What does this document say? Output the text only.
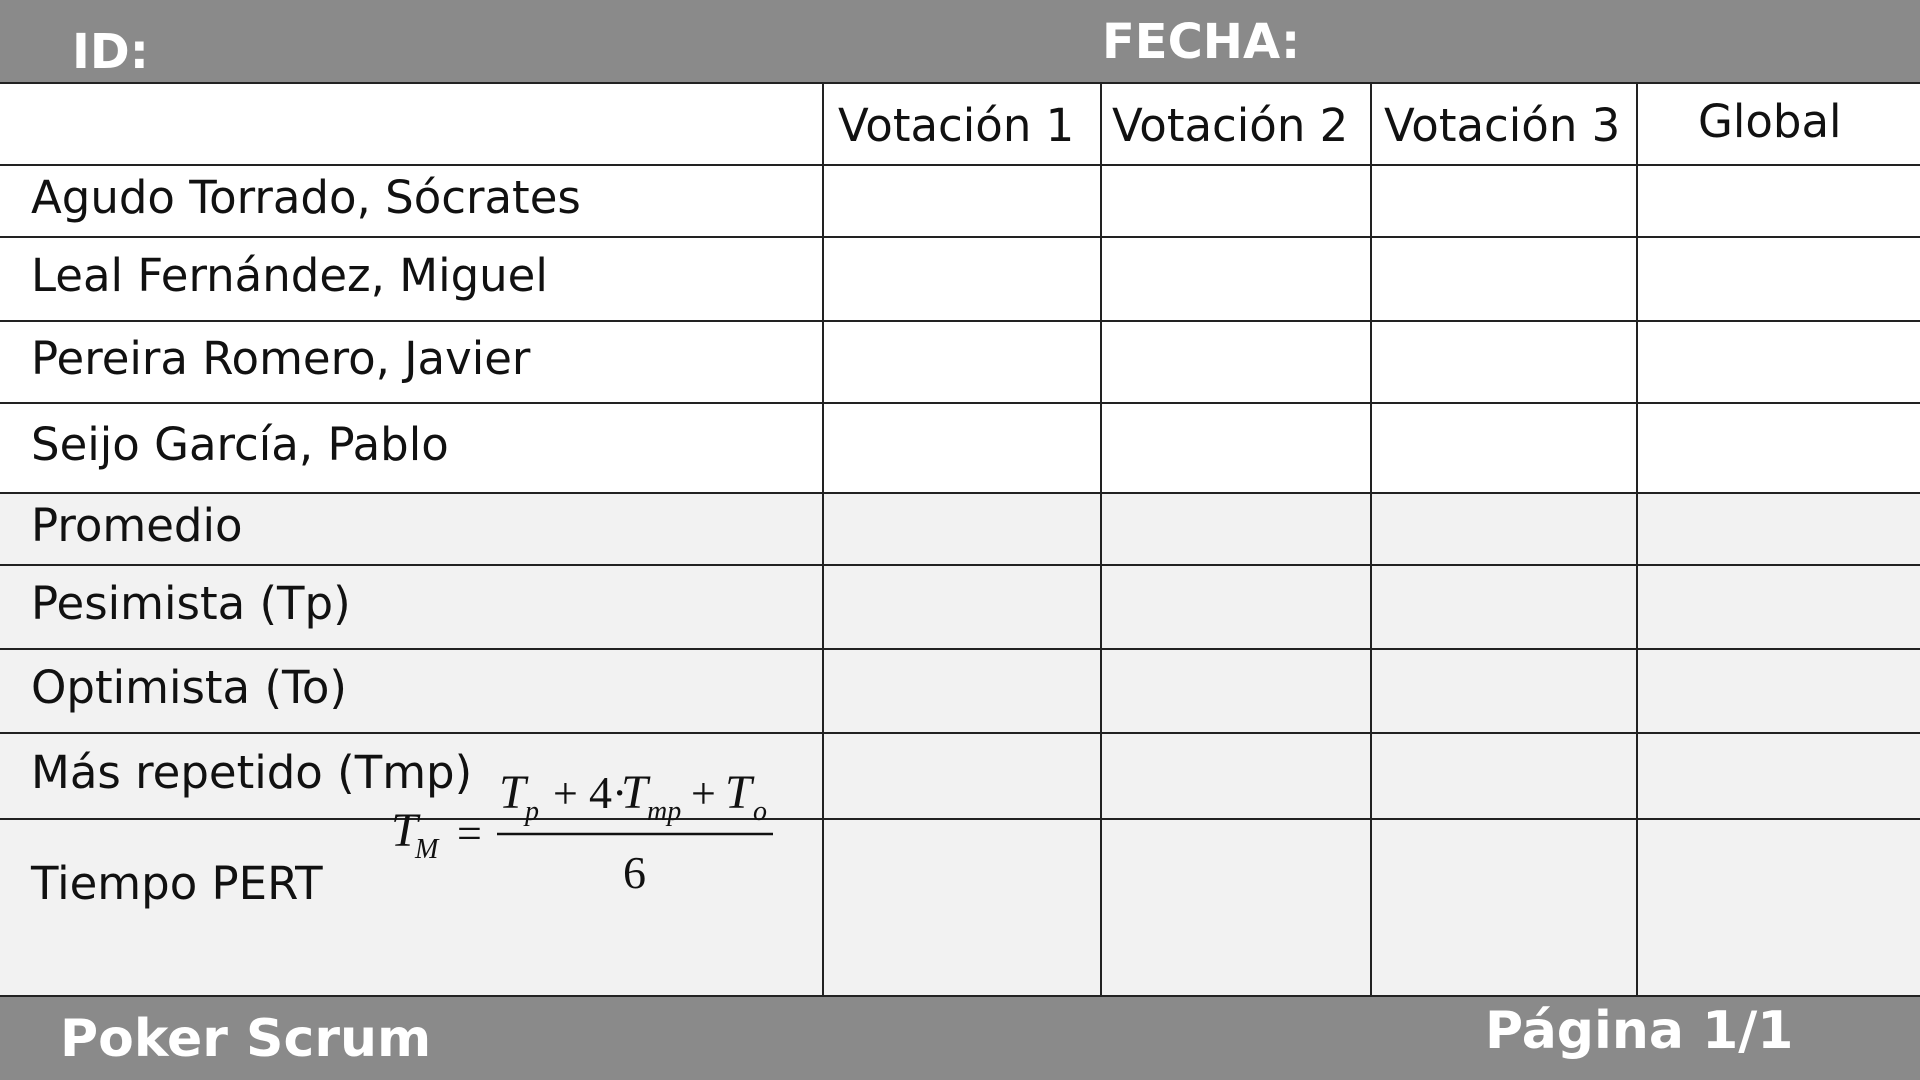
ID:	FECHA:
Votación 1 Votación 2 Votación 3 Global
Agudo Torrado, Sócrates
Leal Fernández, Miguel
Pereira Romero, Javier
Seijo García, Pablo
Promedio
Pesimista (Tp)
Optimista (To)
Más repetido (Tmp)
Tiempo PERT
T
M =
T p + 4·
T mp + T o
6
Poker Scrum	Página 1/1
